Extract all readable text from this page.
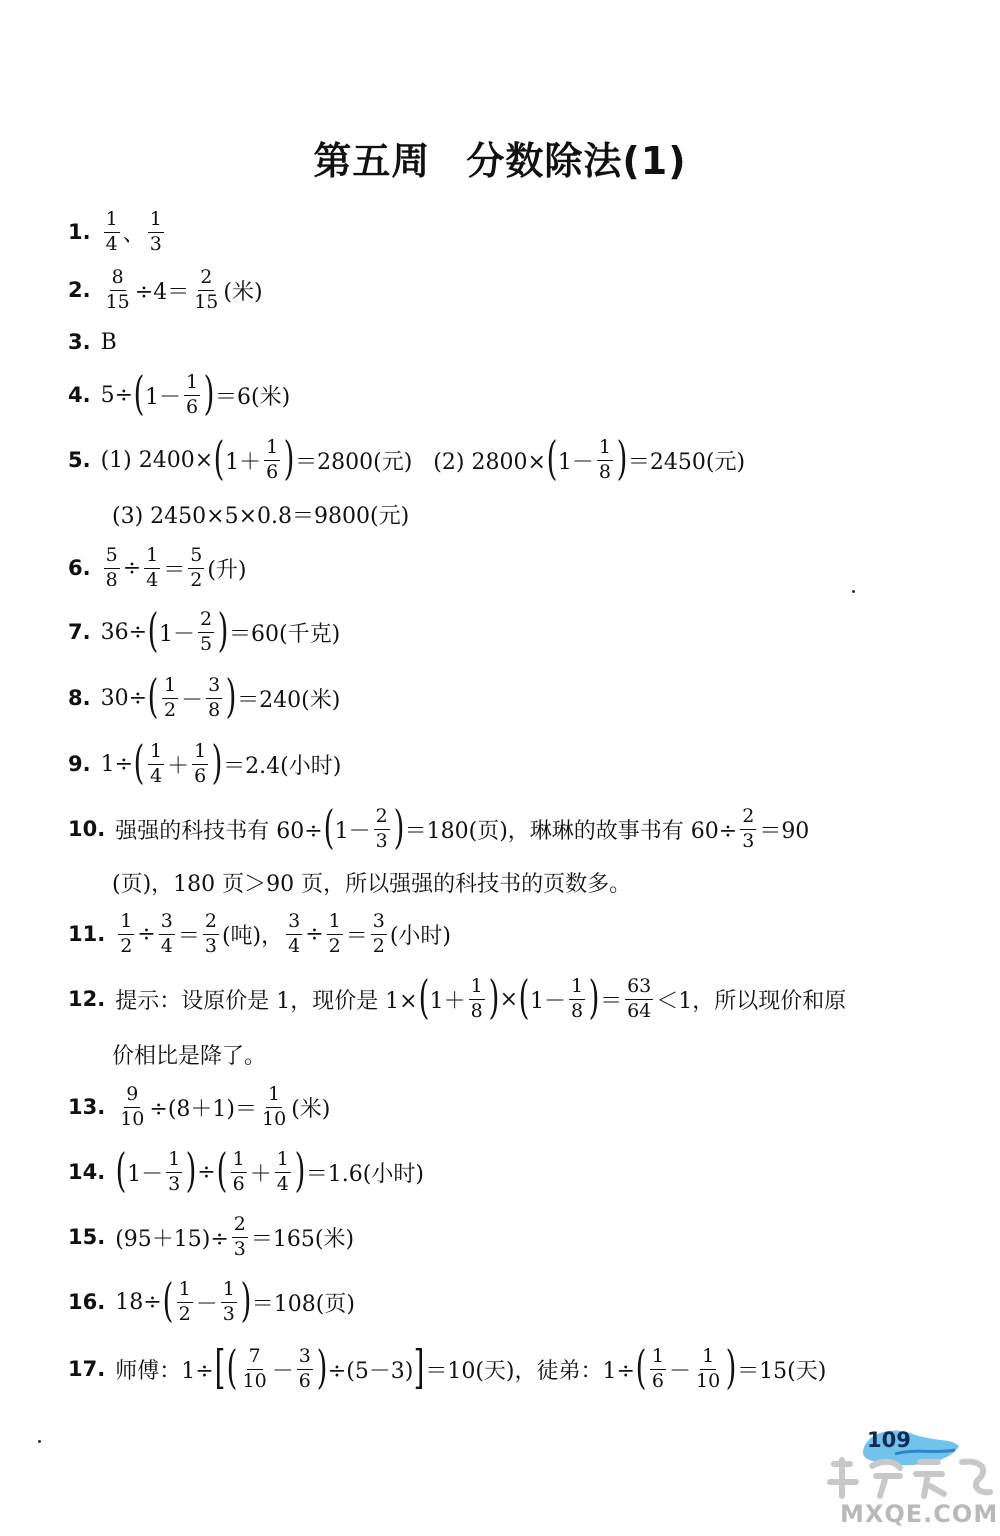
第五周 分数除法(1)
1. $\frac{1}{4}$ 、 $\frac{1}{3}$
2. $\frac{8}{15} \div 4= \frac{2}{15}$ (米)
3. B
4. 5÷ ( $1- \frac{1}{6}$ ) ＝6(米)
5. (1) 2400× ( $1+ \frac{1}{6}$ ) ＝2800(元)   (2) 2800× ( $1- \frac{1}{8}$ ) ＝2450(元)
(3) 2450×5×0.8＝9800(元)
6. $\frac{5}{8} \div \frac{1}{4} = \frac{5}{2}$ (升)
7. 36÷ ( $1- \frac{2}{5}$ ) ＝60(千克)
8. 30÷ ( $\frac{1}{2} - \frac{3}{8}$ ) ＝240(米)
9. 1÷ ( $\frac{1}{4} + \frac{1}{6}$ ) ＝2.4(小时)
10. 强强的科技书有 60÷ ( $1- \frac{2}{3}$ ) ＝180(页)，琳琳的故事书有 $60\div \frac{2}{3} =90$
(页)，180 页＞90 页，所以强强的科技书的页数多。
11. $\frac{1}{2} \div \frac{3}{4} = \frac{2}{3}$ (吨)， $\frac{3}{4} \div \frac{1}{2} = \frac{3}{2}$ (小时)
12. 提示：设原价是 1，现价是 1× ( $1+ \frac{1}{8}$ ) × ( $1- \frac{1}{8}$ ) ＝ $\frac{63}{64} <1$，所以现价和原
价相比是降了。
13. $\frac{9}{10} \div(8+1)= \frac{1}{10}$ (米)
14. ( $1- \frac{1}{3}$ ) ÷ ( $\frac{1}{6} + \frac{1}{4}$ ) ＝1.6(小时)
15. $(95+15)\div \frac{2}{3} =165$(米)
16. 18÷ ( $\frac{1}{2} - \frac{1}{3}$ ) ＝108(页)
17. 师傅：1÷ [ ( $\frac{7}{10} - \frac{3}{6}$ ) ÷(5－3) ] ＝10(天)，徒弟：1÷ ( $\frac{1}{6} - \frac{1}{10}$ ) ＝15(天)
109
MXQE.COM
